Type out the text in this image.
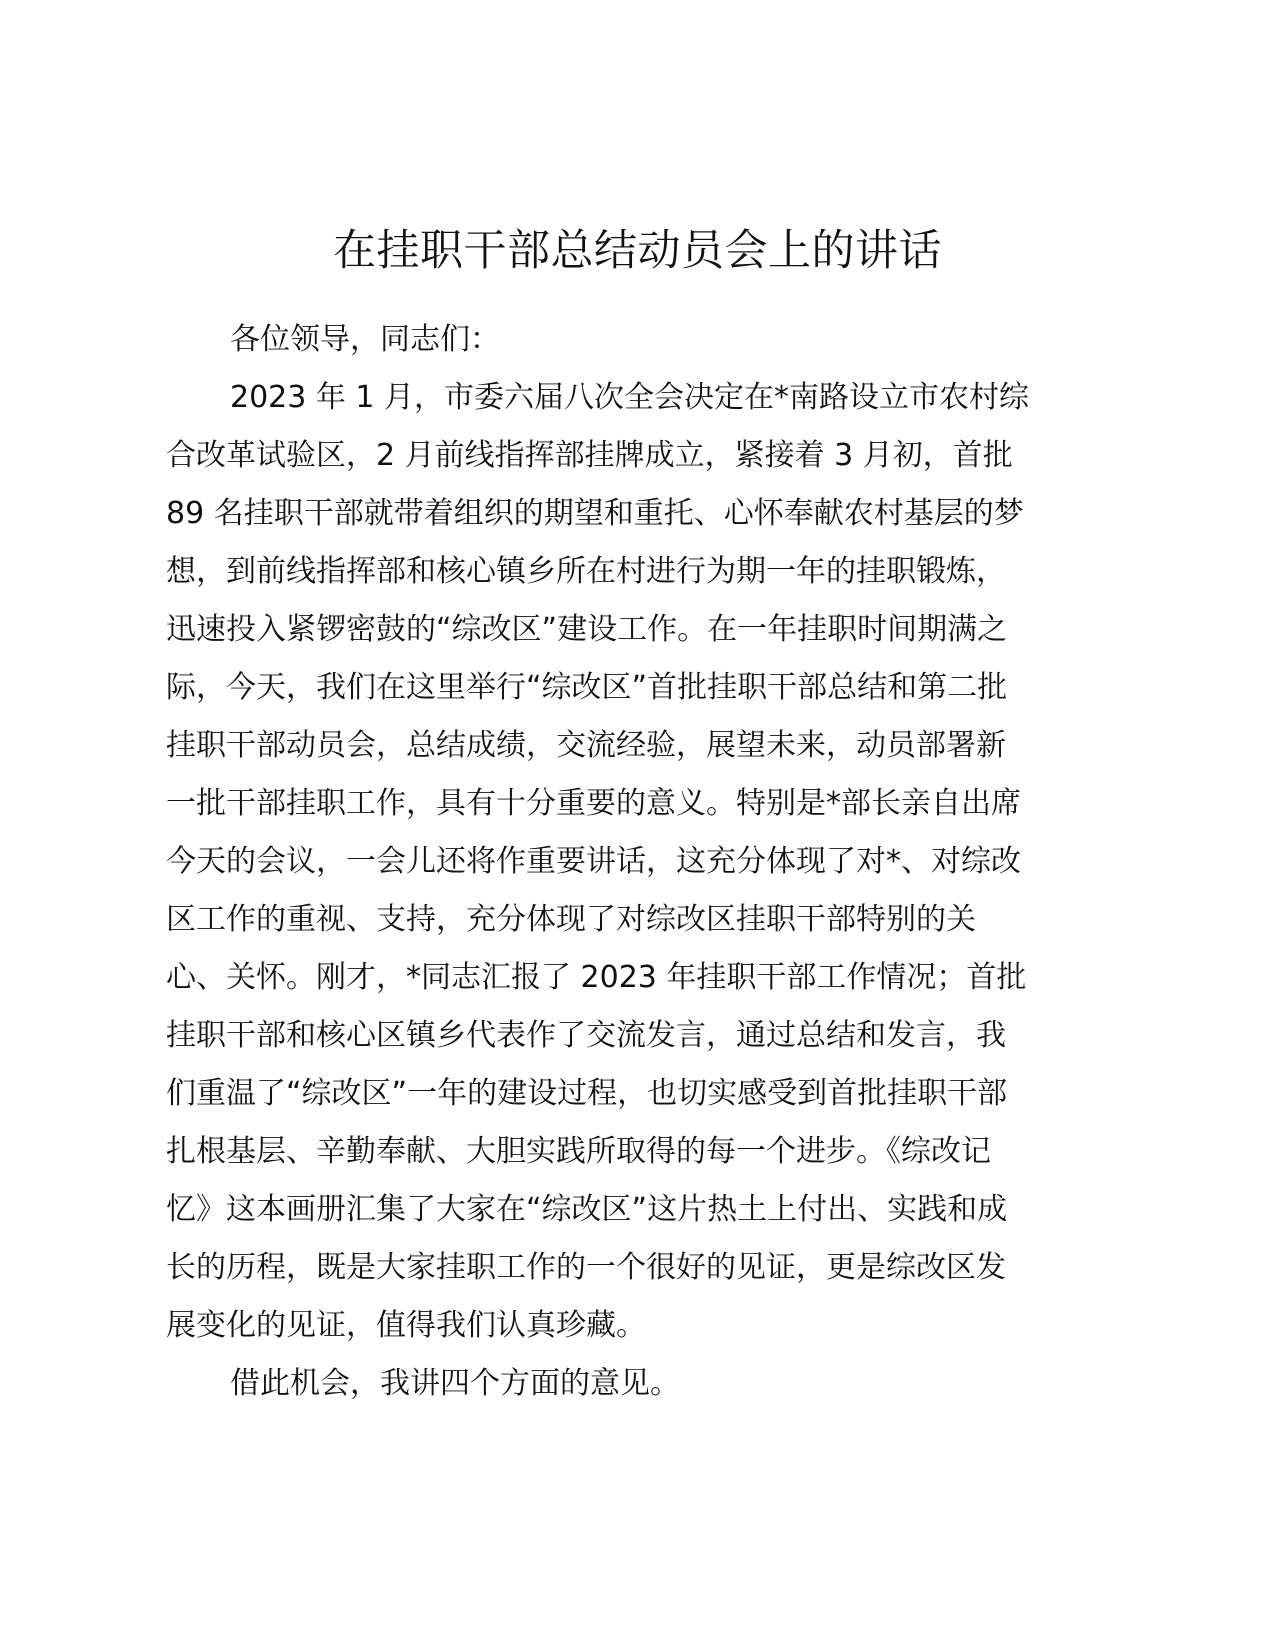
在挂职干部总结动员会上的讲话
各位领导，同志们：
2023 年 1 月，市委六届八次全会决定在*南路设立市农村综
合改革试验区，2 月前线指挥部挂牌成立，紧接着 3 月初，首批
89 名挂职干部就带着组织的期望和重托、心怀奉献农村基层的梦
想，到前线指挥部和核心镇乡所在村进行为期一年的挂职锻炼，
迅速投入紧锣密鼓的“综改区”建设工作。在一年挂职时间期满之
际，今天，我们在这里举行“综改区”首批挂职干部总结和第二批
挂职干部动员会，总结成绩，交流经验，展望未来，动员部署新
一批干部挂职工作，具有十分重要的意义。特别是*部长亲自出席
今天的会议，一会儿还将作重要讲话，这充分体现了对*、对综改
区工作的重视、支持，充分体现了对综改区挂职干部特别的关
心、关怀。刚才，*同志汇报了 2023 年挂职干部工作情况；首批
挂职干部和核心区镇乡代表作了交流发言，通过总结和发言，我
们重温了“综改区”一年的建设过程，也切实感受到首批挂职干部
扎根基层、辛勤奉献、大胆实践所取得的每一个进步。《综改记
忆》这本画册汇集了大家在“综改区”这片热土上付出、实践和成
长的历程，既是大家挂职工作的一个很好的见证，更是综改区发
展变化的见证，值得我们认真珍藏。
借此机会，我讲四个方面的意见。
